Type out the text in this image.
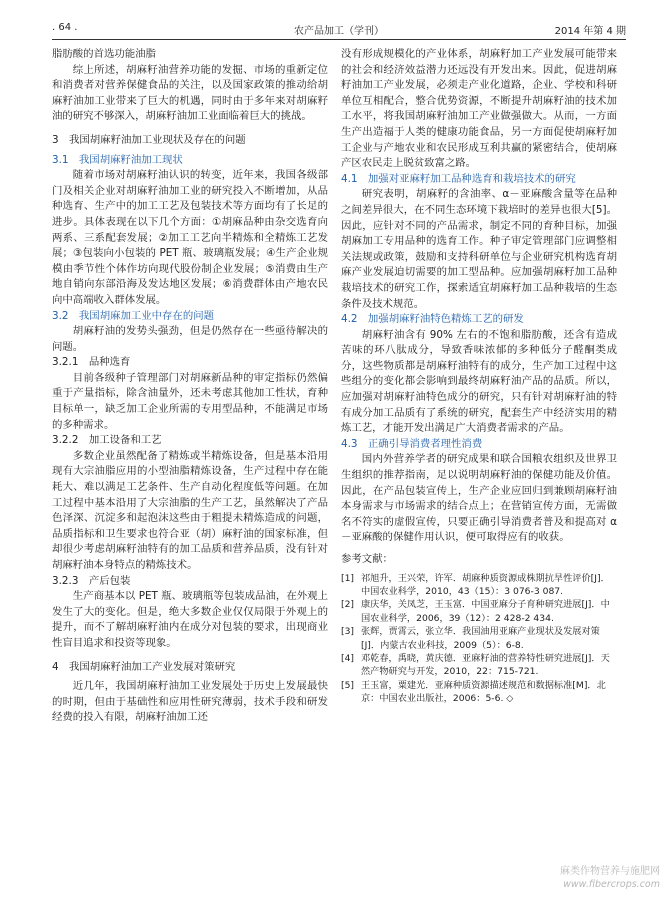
. 64 .	农产品加工（学刊）	2014 年第 4 期

脂肪酸的首选功能油脂

综上所述，胡麻籽油营养功能的发掘、市场的重新定位和消费者对营养保健食品的关注，以及国家政策的推动给胡麻籽油加工业带来了巨大的机遇，同时由于多年来对胡麻籽油的研究不够深入，胡麻籽油加工业面临着巨大的挑战。

3　我国胡麻籽油加工业现状及存在的问题

3.1　我国胡麻籽油加工现状

随着市场对胡麻籽油认识的转变，近年来，我国各级部门及相关企业对胡麻籽油加工业的研究投入不断增加，从品种选育、生产中的加工工艺及包装技术等方面均有了长足的进步。具体表现在以下几个方面：①胡麻品种由杂交选育向两系、三系配套发展；②加工工艺向半精炼和全精炼工艺发展；③包装向小包装的 PET 瓶、玻璃瓶发展；④生产企业规模由季节性个体作坊向现代股份制企业发展；⑤消费由生产地自销向东部沿海及发达地区发展；⑥消费群体由产地农民向中高端收入群体发展。

3.2　我国胡麻加工业中存在的问题

胡麻籽油的发势头强劲，但是仍然存在一些亟待解决的问题。

3.2.1　品种选育

目前各级种子管理部门对胡麻新品种的审定指标仍然偏重于产量指标，除含油量外，还未考虑其他加工性状，育种目标单一，缺乏加工企业所需的专用型品种，不能满足市场的多种需求。

3.2.2　加工设备和工艺

多数企业虽然配备了精炼或半精炼设备，但是基本沿用现有大宗油脂应用的小型油脂精炼设备，生产过程中存在能耗大、难以满足工艺条件、生产自动化程度低等问题。在加工过程中基本沿用了大宗油脂的生产工艺，虽然解决了产品色泽深、沉淀多和起泡沫这些由于粗提未精炼造成的问题，品质指标和卫生要求也符合亚（胡）麻籽油的国家标准，但却很少考虑胡麻籽油特有的加工品质和营养品质，没有针对胡麻籽油本身特点的精炼技术。

3.2.3　产后包装

生产商基本以 PET 瓶、玻璃瓶等包装成品油，在外观上发生了大的变化。但是，绝大多数企业仅仅局限于外观上的提升，而不了解胡麻籽油内在成分对包装的要求，出现商业性盲目追求和投资等现象。

4　我国胡麻籽油加工产业发展对策研究

近几年，我国胡麻籽油加工业发展处于历史上发展最快的时期，但由于基础性和应用性研究薄弱，技术手段和研发经费的投入有限，胡麻籽油加工还

没有形成规模化的产业体系，胡麻籽加工产业发展可能带来的社会和经济效益潜力还远没有开发出来。因此，促进胡麻籽油加工产业发展，必须走产业化道路，企业、学校和科研单位互相配合，整合优势资源，不断提升胡麻籽油的技术加工水平，将我国胡麻籽油加工产业做强做大。从而，一方面生产出造福于人类的健康功能食品，另一方面促使胡麻籽加工企业与产地农业和农民形成互利共赢的紧密结合，使胡麻产区农民走上脱贫致富之路。

4.1　加强对亚麻籽加工品种选育和栽培技术的研究

研究表明，胡麻籽的含油率、α－亚麻酸含量等在品种之间差异很大，在不同生态环境下栽培时的差异也很大[5]。因此，应针对不同的产品需求，制定不同的育种目标，加强胡麻加工专用品种的选育工作。种子审定管理部门应调整相关法规或政策，鼓励和支持科研单位与企业研究机构选育胡麻产业发展迫切需要的加工型品种。应加强胡麻籽加工品种栽培技术的研究工作，探索适宜胡麻籽加工品种栽培的生态条件及技术规范。

4.2　加强胡麻籽油特色精炼工艺的研发

胡麻籽油含有 90% 左右的不饱和脂肪酸，还含有造成苦味的环八肽成分，导致香味浓郁的多种低分子醛酮类成分，这些物质都是胡麻籽油特有的成分，生产加工过程中这些组分的变化都会影响到最终胡麻籽油产品的品质。所以，应加强对胡麻籽油特色成分的研究，只有针对胡麻籽油的特有成分加工品质有了系统的研究，配套生产中经济实用的精炼工艺，才能开发出满足广大消费者需求的产品。

4.3　正确引导消费者理性消费

国内外营养学者的研究成果和联合国粮农组织及世界卫生组织的推荐指南，足以说明胡麻籽油的保健功能及价值。因此，在产品包装宣传上，生产企业应回归到兼顾胡麻籽油本身需求与市场需求的结合点上；在营销宣传方面，无需做名不符实的虚假宣传，只要正确引导消费者普及和提高对 α－亚麻酸的保健作用认识，便可取得应有的收获。

参考文献：

[1] 祁旭升，王兴荣，许军．胡麻种质资源成株期抗旱性评价[J]．中国农业科学，2010，43（15）：3 076-3 087.
[2] 康庆华，关凤芝，王玉富．中国亚麻分子育种研究进展[J]．中国农业科学，2006，39（12）：2 428-2 434.
[3] 张辉，贾霄云，张立华．我国油用亚麻产业现状及发展对策[J]．内蒙古农业科技，2009（5）：6-8.
[4] 邓乾春，禹晓，黄庆德．亚麻籽油的营养特性研究进展[J]．天然产物研究与开发，2010，22：715-721.
[5] 王玉富，粟建光．亚麻种质资源描述规范和数据标准[M]．北京：中国农业出版社，2006：5-6. ◇
麻类作物营养与施肥网
www.fibercrops.com
